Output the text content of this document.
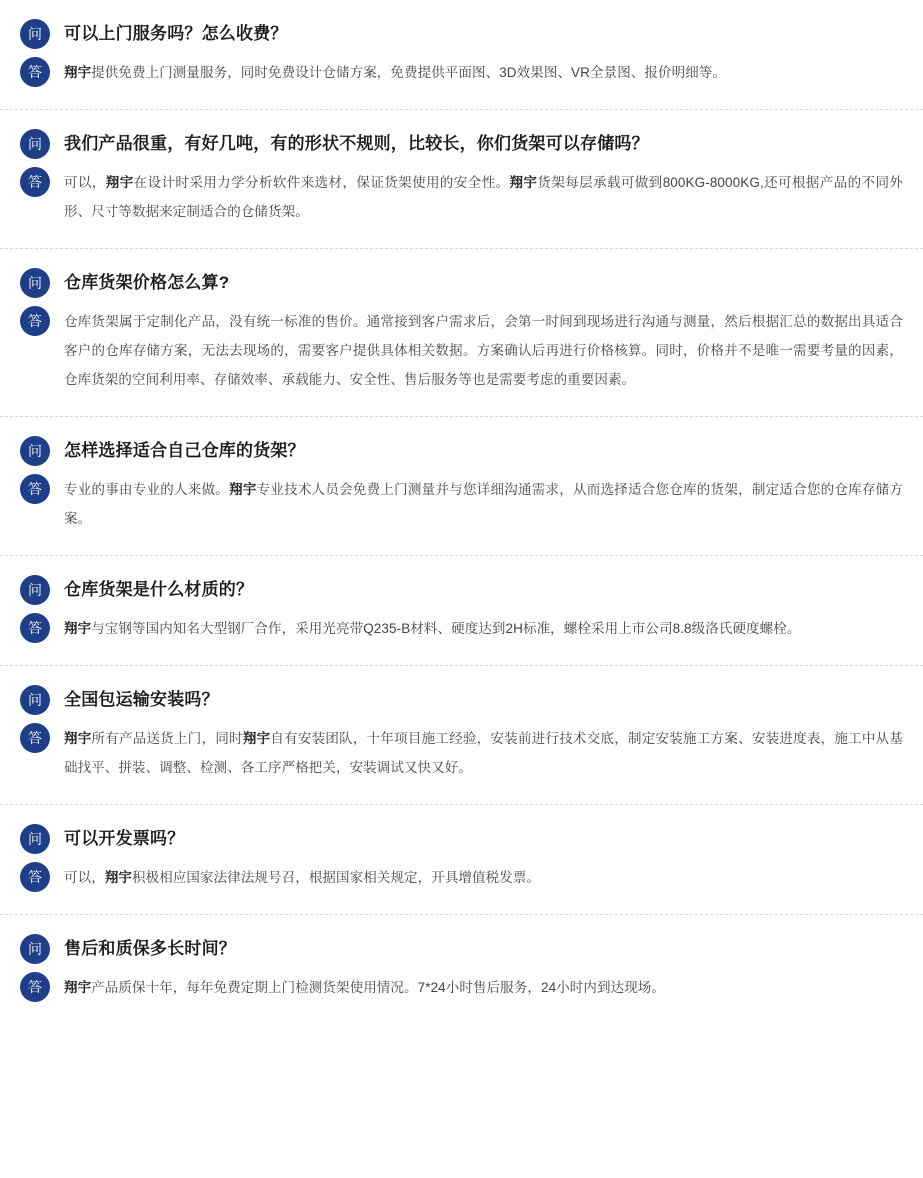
问	可以上门服务吗？怎么收费？
答	翔宇提供免费上门测量服务，同时免费设计仓储方案，免费提供平面图、3D效果图、VR全景图、报价明细等。
问	我们产品很重，有好几吨，有的形状不规则，比较长，你们货架可以存储吗？
答	可以，翔宇在设计时采用力学分析软件来选材，保证货架使用的安全性。翔宇货架每层承载可做到800KG-8000KG,还可根据产品的不同外形、尺寸等数据来定制适合的仓储货架。
问	仓库货架价格怎么算?
答	仓库货架属于定制化产品，没有统一标准的售价。通常接到客户需求后，会第一时间到现场进行沟通与测量，然后根据汇总的数据出具适合客户的仓库存储方案，无法去现场的，需要客户提供具体相关数据。方案确认后再进行价格核算。同时，价格并不是唯一需要考量的因素，仓库货架的空间利用率、存储效率、承载能力、安全性、售后服务等也是需要考虑的重要因素。
问	怎样选择适合自己仓库的货架？
答	专业的事由专业的人来做。翔宇专业技术人员会免费上门测量并与您详细沟通需求，从而选择适合您仓库的货架，制定适合您的仓库存储方案。
问	仓库货架是什么材质的？
答	翔宇与宝钢等国内知名大型钢厂合作，采用光亮带Q235-B材料、硬度达到2H标准，螺栓采用上市公司8.8级洛氏硬度螺栓。
问	全国包运输安装吗？
答	翔宇所有产品送货上门，同时翔宇自有安装团队，十年项目施工经验，安装前进行技术交底，制定安装施工方案、安装进度表，施工中从基础找平、拼装、调整、检测、各工序严格把关，安装调试又快又好。
问	可以开发票吗？
答	可以，翔宇积极相应国家法律法规号召，根据国家相关规定，开具增值税发票。
问	售后和质保多长时间？
答	翔宇产品质保十年，每年免费定期上门检测货架使用情况。7*24小时售后服务，24小时内到达现场。
